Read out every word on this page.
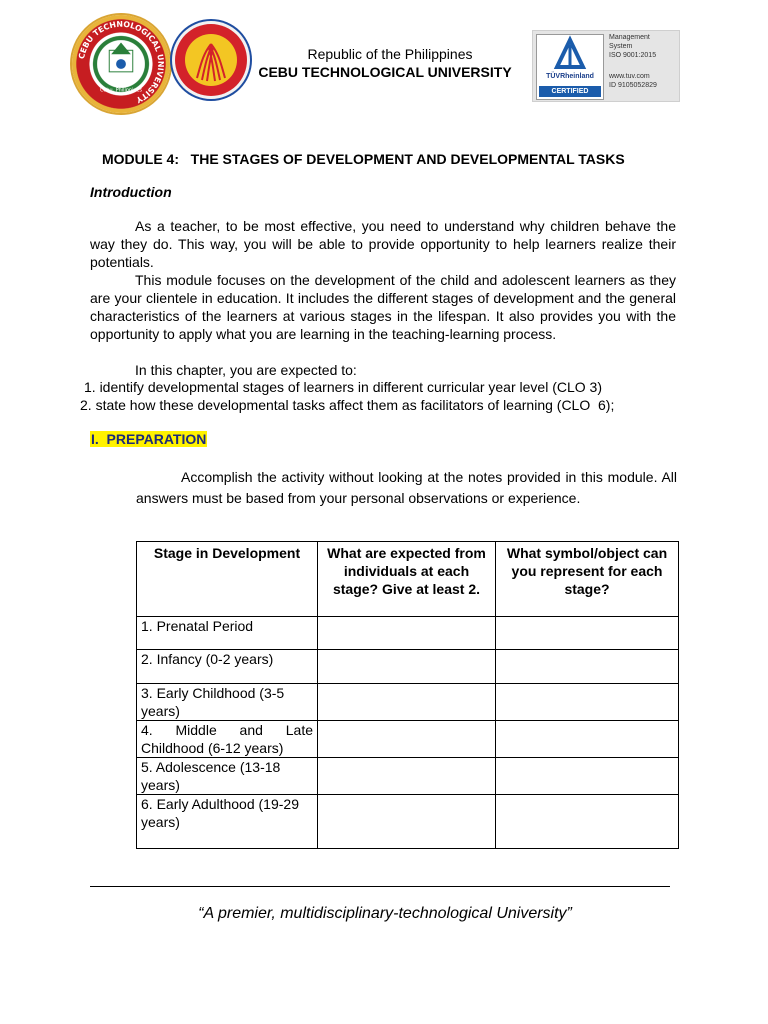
CEBU TECHNOLOGICAL UNIVERSITY
Cebu, Philippines
Republic of the Philippines
CEBU TECHNOLOGICAL UNIVERSITY	TÜVRheinland
CERTIFIED
Management
System
ISO 9001:2015
www.tuv.com
ID 9105052829
MODULE 4:   THE STAGES OF DEVELOPMENT AND DEVELOPMENTAL TASKS
Introduction
As a teacher, to be most effective, you need to understand why children behave the way they do. This way, you will be able to provide opportunity to help learners realize their potentials.
This module focuses on the development of the child and adolescent learners as they are your clientele in education. It includes the different stages of development and the general characteristics of the learners at various stages in the lifespan. It also provides you with the opportunity to apply what you are learning in the teaching-learning process.
In this chapter, you are expected to:
1. identify developmental stages of learners in different curricular year level (CLO 3)
2. state how these developmental tasks affect them as facilitators of learning (CLO  6);
I.  PREPARATION
Accomplish the activity without looking at the notes provided in this module. All answers must be based from your personal observations or experience.
Stage in Development	What are expected from individuals at each stage? Give at least 2.	What symbol/object can you represent for each stage?
1. Prenatal Period		
2. Infancy (0-2 years)		
3. Early Childhood (3-5
years)		
4. Middle and Late Childhood (6-12 years)		
5. Adolescence (13-18
years)		
6. Early Adulthood (19-29
years)		
“A premier, multidisciplinary-technological University”
